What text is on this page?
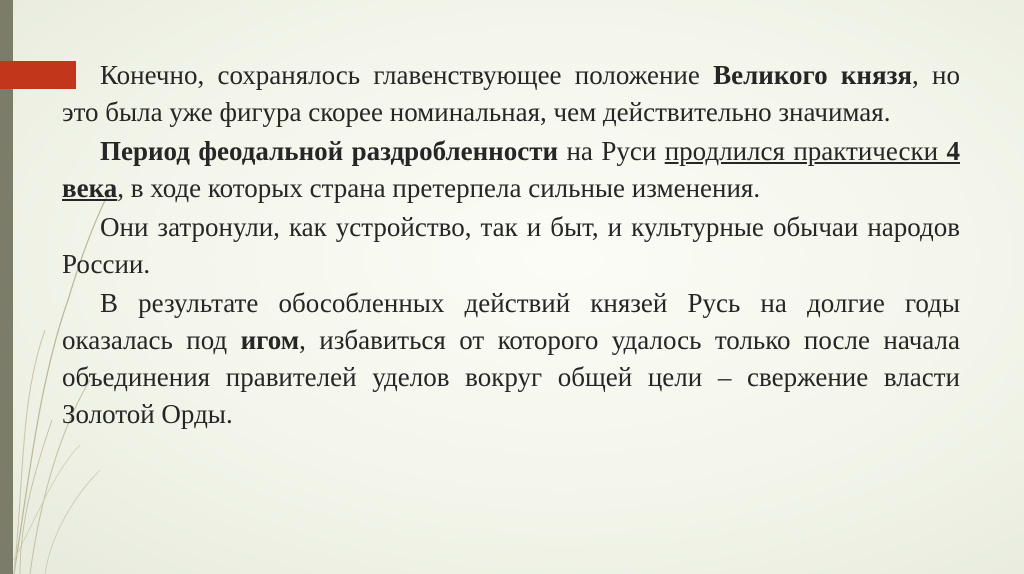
Конечно, сохранялось главенствующее положение Великого князя, но это была уже фигура скорее номинальная, чем действительно значимая.

Период феодальной раздробленности на Руси продлился практически 4 века, в ходе которых страна претерпела сильные изменения.

Они затронули, как устройство, так и быт, и культурные обычаи народов России.

В результате обособленных действий князей Русь на долгие годы оказалась под игом, избавиться от которого удалось только после начала объединения правителей уделов вокруг общей цели – свержение власти Золотой Орды.
